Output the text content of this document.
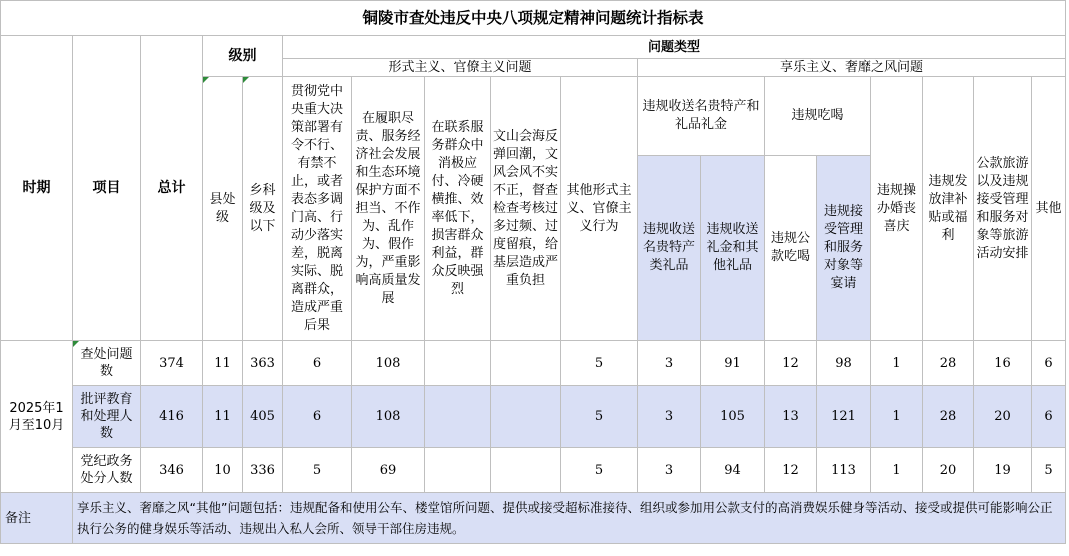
铜陵市查处违反中央八项规定精神问题统计指标表																	
时期	项目	总计	级别		问题类型												
					形式主义、官僚主义问题					享乐主义、奢靡之风问题							
			县处级	乡科级及以下	贯彻党中央重大决策部署有令不行、有禁不止，或者表态多调门高、行动少落实差，脱离实际、脱离群众，造成严重后果	在履职尽责、服务经济社会发展和生态环境保护方面不担当、不作为、乱作为、假作为，严重影响高质量发展	在联系服务群众中消极应付、冷硬横推、效率低下，损害群众利益，群众反映强烈	文山会海反弹回潮，文风会风不实不正，督查检查考核过多过频、过度留痕，给基层造成严重负担	其他形式主义、官僚主义行为	违规收送名贵特产和礼品礼金		违规吃喝		违规操办婚丧喜庆	违规发放津补贴或福利	公款旅游以及违规接受管理和服务对象等旅游活动安排	其他
										违规收送名贵特产类礼品	违规收送礼金和其他礼品	违规公款吃喝	违规接受管理和服务对象等宴请				
2025年1月至10月	查处问题数	374	11	363	6	108			5	3	91	12	98	1	28	16	6
	批评教育和处理人数	416	11	405	6	108			5	3	105	13	121	1	28	20	6
	党纪政务处分人数	346	10	336	5	69			5	3	94	12	113	1	20	19	5
备注	享乐主义、奢靡之风“其他”问题包括：违规配备和使用公车、楼堂馆所问题、提供或接受超标准接待、组织或参加用公款支付的高消费娱乐健身等活动、接受或提供可能影响公正执行公务的健身娱乐等活动、违规出入私人会所、领导干部住房违规。																
